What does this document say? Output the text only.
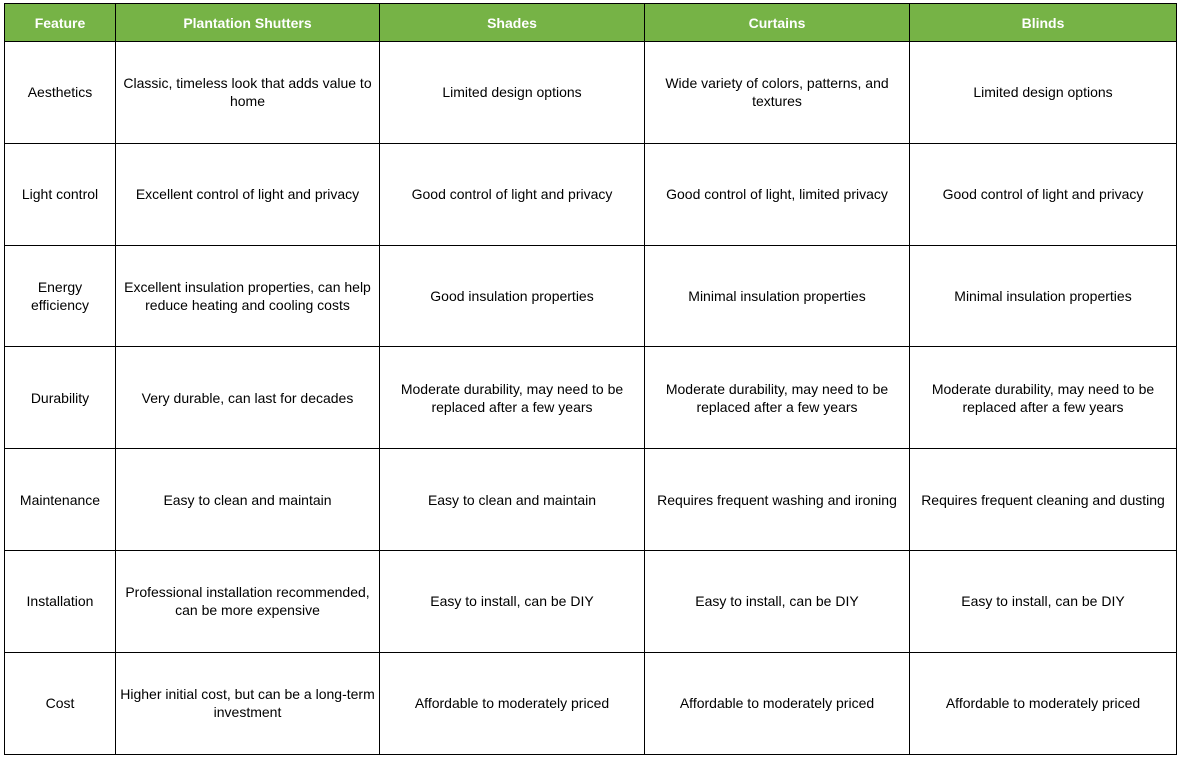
Feature	Plantation Shutters	Shades	Curtains	Blinds
Aesthetics	Classic, timeless look that adds value to home	Limited design options	Wide variety of colors, patterns, and textures	Limited design options
Light control	Excellent control of light and privacy	Good control of light and privacy	Good control of light, limited privacy	Good control of light and privacy
Energy efficiency	Excellent insulation properties, can help reduce heating and cooling costs	Good insulation properties	Minimal insulation properties	Minimal insulation properties
Durability	Very durable, can last for decades	Moderate durability, may need to be replaced after a few years	Moderate durability, may need to be replaced after a few years	Moderate durability, may need to be replaced after a few years
Maintenance	Easy to clean and maintain	Easy to clean and maintain	Requires frequent washing and ironing	Requires frequent cleaning and dusting
Installation	Professional installation recommended, can be more expensive	Easy to install, can be DIY	Easy to install, can be DIY	Easy to install, can be DIY
Cost	Higher initial cost, but can be a long-term investment	Affordable to moderately priced	Affordable to moderately priced	Affordable to moderately priced
